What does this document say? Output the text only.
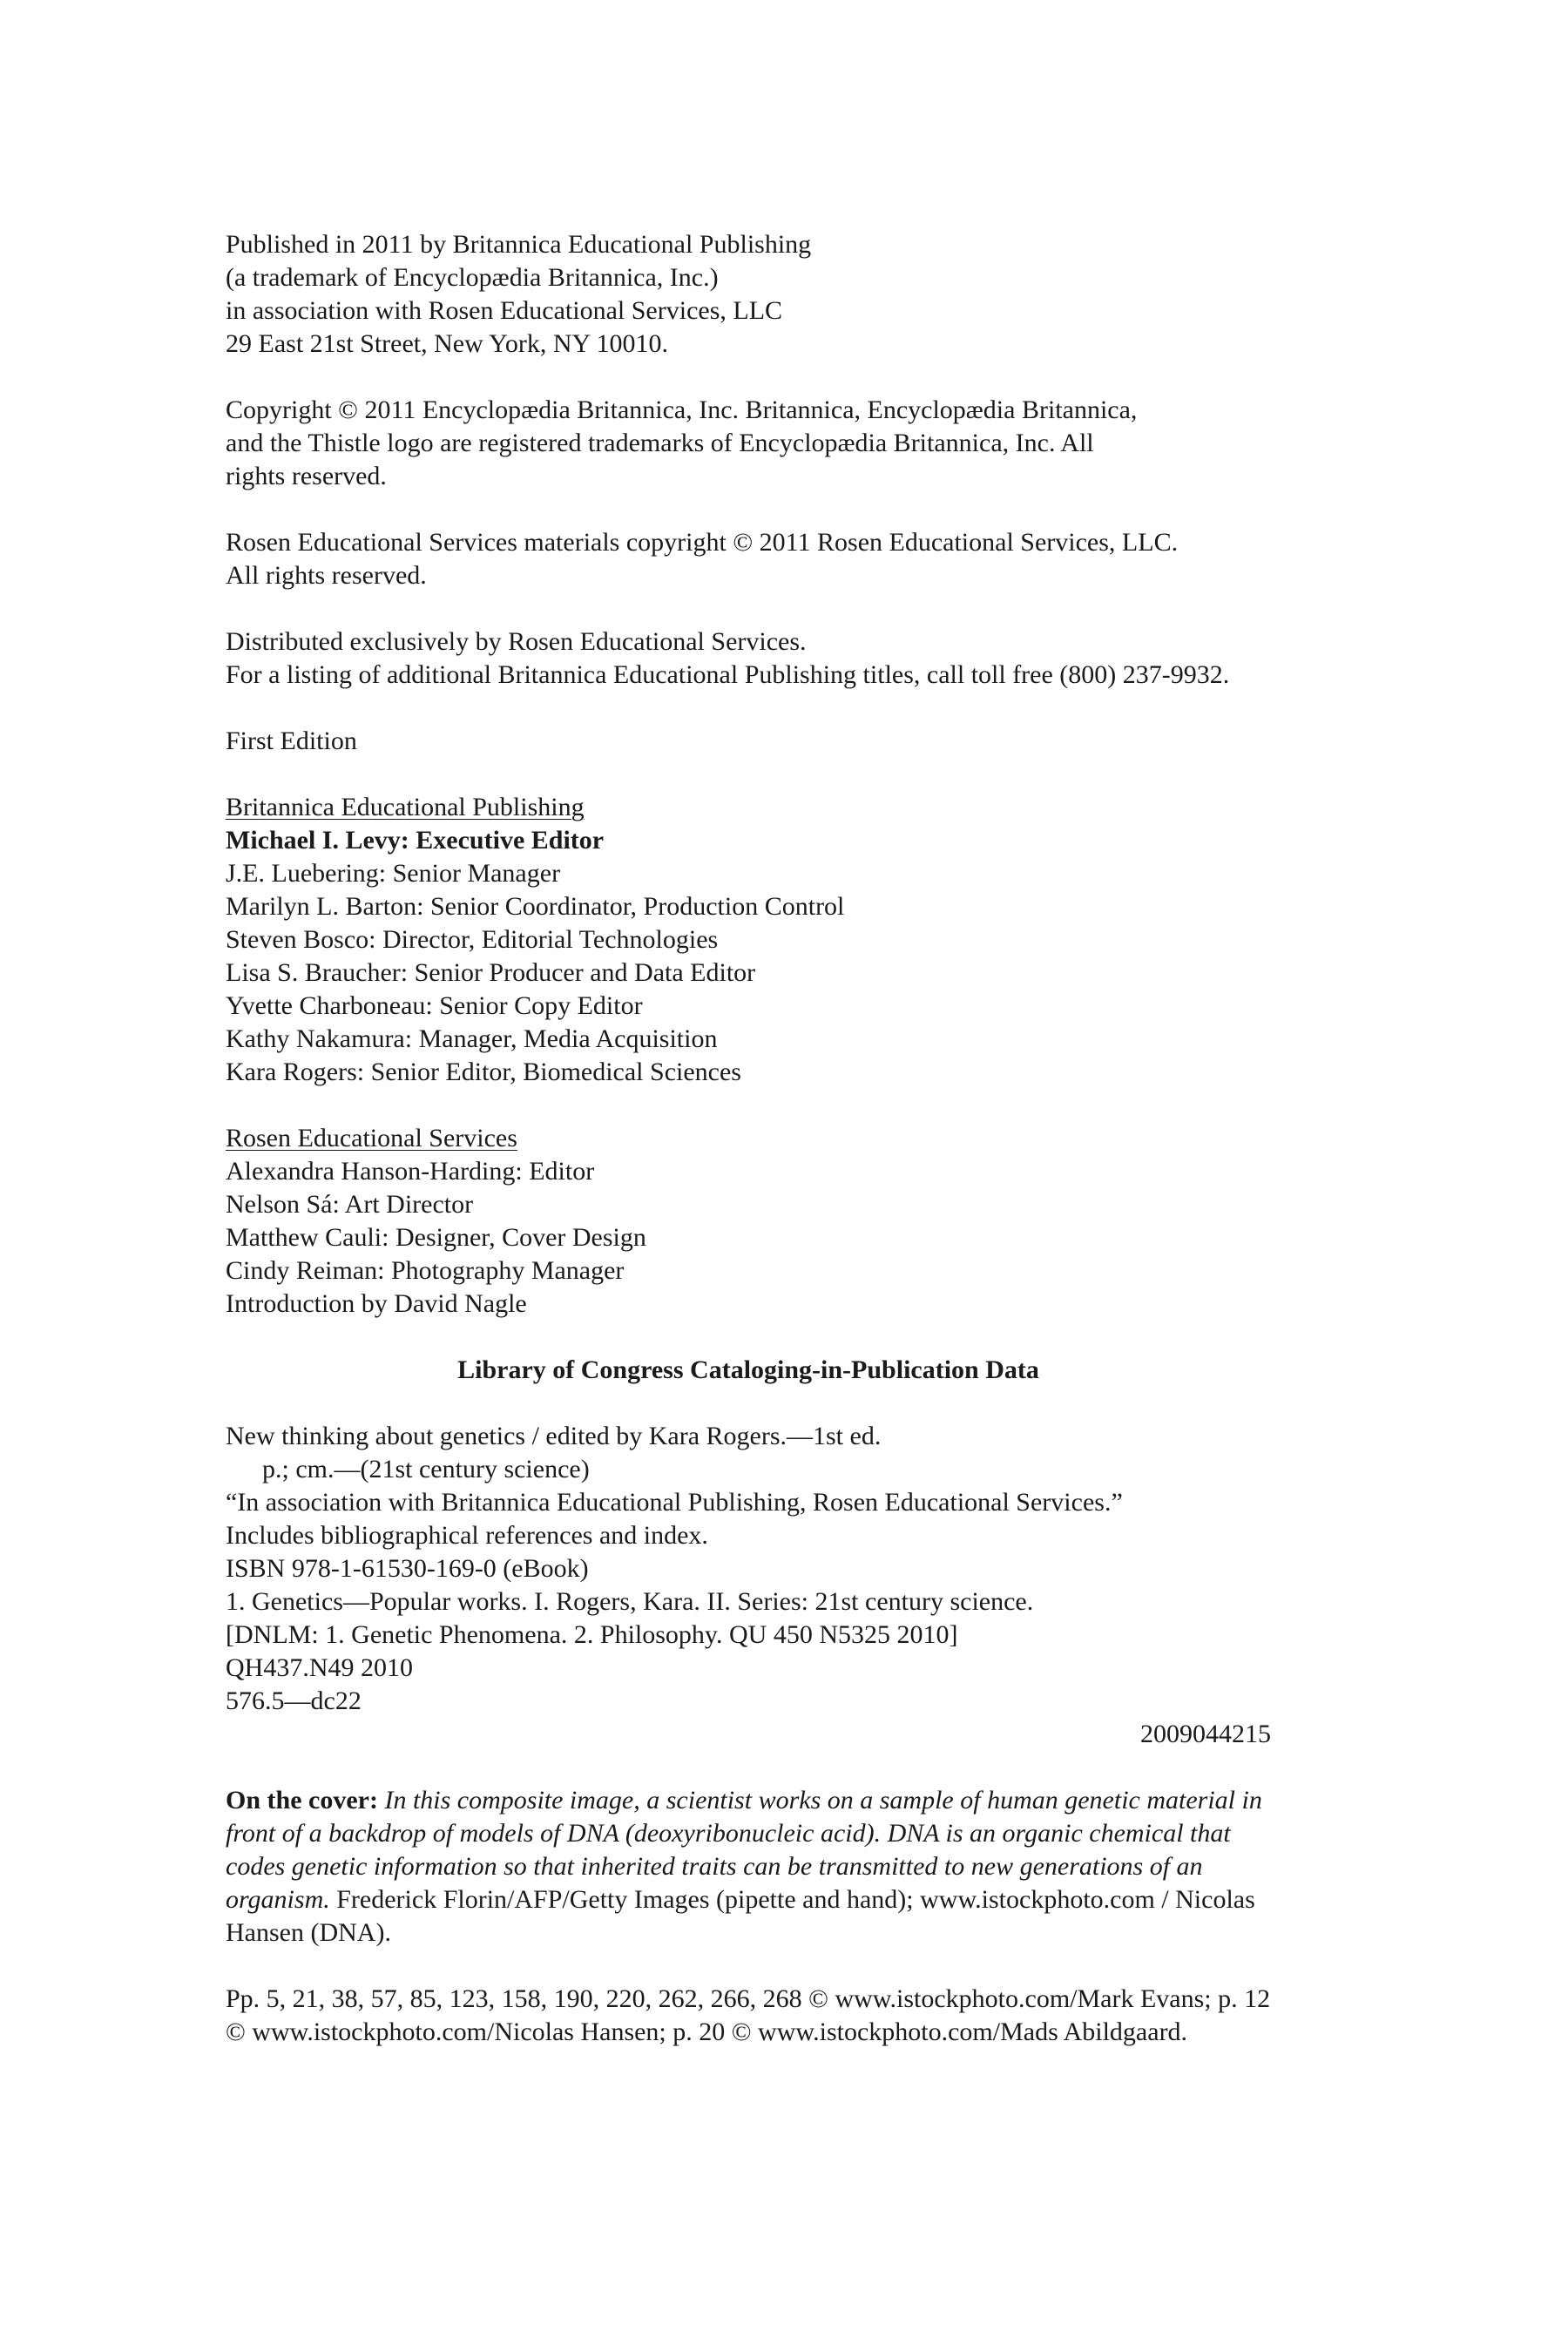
Published in 2011 by Britannica Educational Publishing
(a trademark of Encyclopædia Britannica, Inc.)
in association with Rosen Educational Services, LLC
29 East 21st Street, New York, NY 10010.
Copyright © 2011 Encyclopædia Britannica, Inc. Britannica, Encyclopædia Britannica,
and the Thistle logo are registered trademarks of Encyclopædia Britannica, Inc. All
rights reserved.
Rosen Educational Services materials copyright © 2011 Rosen Educational Services, LLC.
All rights reserved.
Distributed exclusively by Rosen Educational Services.
For a listing of additional Britannica Educational Publishing titles, call toll free (800) 237-9932.
First Edition
Britannica Educational Publishing
Michael I. Levy: Executive Editor
J.E. Luebering: Senior Manager
Marilyn L. Barton: Senior Coordinator, Production Control
Steven Bosco: Director, Editorial Technologies
Lisa S. Braucher: Senior Producer and Data Editor
Yvette Charboneau: Senior Copy Editor
Kathy Nakamura: Manager, Media Acquisition
Kara Rogers: Senior Editor, Biomedical Sciences
Rosen Educational Services
Alexandra Hanson-Harding: Editor
Nelson Sá: Art Director
Matthew Cauli: Designer, Cover Design
Cindy Reiman: Photography Manager
Introduction by David Nagle
Library of Congress Cataloging-in-Publication Data
New thinking about genetics / edited by Kara Rogers.—1st ed.
p.; cm.—(21st century science)
“In association with Britannica Educational Publishing, Rosen Educational Services.”
Includes bibliographical references and index.
ISBN 978-1-61530-169-0 (eBook)
1. Genetics—Popular works. I. Rogers, Kara. II. Series: 21st century science.
[DNLM: 1. Genetic Phenomena. 2. Philosophy. QU 450 N5325 2010]
QH437.N49 2010
576.5—dc22
2009044215
On the cover: In this composite image, a scientist works on a sample of human genetic material in front of a backdrop of models of DNA (deoxyribonucleic acid). DNA is an organic chemical that codes genetic information so that inherited traits can be transmitted to new generations of an organism. Frederick Florin/AFP/Getty Images (pipette and hand); www.istockphoto.com / Nicolas Hansen (DNA).
Pp. 5, 21, 38, 57, 85, 123, 158, 190, 220, 262, 266, 268 © www.istockphoto.com/Mark Evans; p. 12 © www.istockphoto.com/Nicolas Hansen; p. 20 © www.istockphoto.com/Mads Abildgaard.
